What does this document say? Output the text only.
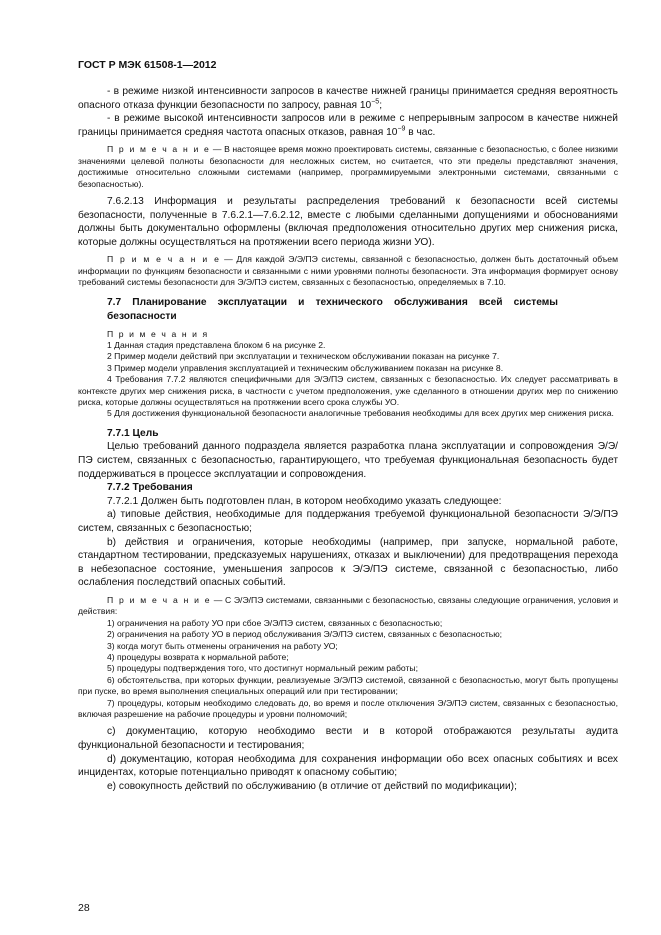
ГОСТ Р МЭК 61508-1—2012

- в режиме низкой интенсивности запросов в качестве нижней границы принимается средняя вероятность опасного отказа функции безопасности по запросу, равная $10^{-5}$;

- в режиме высокой интенсивности запросов или в режиме с непрерывным запросом в качестве нижней границы принимается средняя частота опасных отказов, равная $10^{-9}$ в час.

П р и м е ч а н и е — В настоящее время можно проектировать системы, связанные с безопасностью, с более низкими значениями целевой полноты безопасности для несложных систем, но считается, что эти пределы представляют значения, достижимые относительно сложными системами (например, программируемыми электронными системами, связанными с безопасностью).

7.6.2.13 Информация и результаты распределения требований к безопасности всей системы безопасности, полученные в 7.6.2.1—7.6.2.12, вместе с любыми сделанными допущениями и обоснованиями должны быть документально оформлены (включая предположения относительно других мер снижения риска, которые должны осуществляться на протяжении всего периода жизни УО).

П р и м е ч а н и е — Для каждой Э/Э/ПЭ системы, связанной с безопасностью, должен быть достаточный объем информации по функциям безопасности и связанными с ними уровнями полноты безопасности. Эта информация формирует основу требований системы безопасности для Э/Э/ПЭ систем, связанных с безопасностью, определяемых в 7.10.

7.7 Планирование эксплуатации и технического обслуживания всей системы безопасности

П р и м е ч а н и я

1 Данная стадия представлена блоком 6 на рисунке 2.

2 Пример модели действий при эксплуатации и техническом обслуживании показан на рисунке 7.

3 Пример модели управления эксплуатацией и техническим обслуживанием показан на рисунке 8.

4 Требования 7.7.2 являются специфичными для Э/Э/ПЭ систем, связанных с безопасностью. Их следует рассматривать в контексте других мер снижения риска, в частности с учетом предположения, уже сделанного в отношении других мер по снижению риска, которые должны осуществляться на протяжении всего срока службы УО.

5 Для достижения функциональной безопасности аналогичные требования необходимы для всех других мер снижения риска.

7.7.1 Цель

Целью требований данного подраздела является разработка плана эксплуатации и сопровождения Э/Э/ПЭ систем, связанных с безопасностью, гарантирующего, что требуемая функциональная безопасность будет поддерживаться в процессе эксплуатации и сопровождения.

7.7.2 Требования

7.7.2.1 Должен быть подготовлен план, в котором необходимо указать следующее:

а) типовые действия, необходимые для поддержания требуемой функциональной безопасности Э/Э/ПЭ систем, связанных с безопасностью;

b) действия и ограничения, которые необходимы (например, при запуске, нормальной работе, стандартном тестировании, предсказуемых нарушениях, отказах и выключении) для предотвращения перехода в небезопасное состояние, уменьшения запросов к Э/Э/ПЭ системе, связанной с безопасностью, либо ослабления последствий опасных событий.

П р и м е ч а н и е — С Э/Э/ПЭ системами, связанными с безопасностью, связаны следующие ограничения, условия и действия:

1) ограничения на работу УО при сбое Э/Э/ПЭ систем, связанных с безопасностью;

2) ограничения на работу УО в период обслуживания Э/Э/ПЭ систем, связанных с безопасностью;

3) когда могут быть отменены ограничения на работу УО;

4) процедуры возврата к нормальной работе;

5) процедуры подтверждения того, что достигнут нормальный режим работы;

6) обстоятельства, при которых функции, реализуемые Э/Э/ПЭ системой, связанной с безопасностью, могут быть пропущены при пуске, во время выполнения специальных операций или при тестировании;

7) процедуры, которым необходимо следовать до, во время и после отключения Э/Э/ПЭ систем, связанных с безопасностью, включая разрешение на рабочие процедуры и уровни полномочий;

с) документацию, которую необходимо вести и в которой отображаются результаты аудита функциональной безопасности и тестирования;

d) документацию, которая необходима для сохранения информации обо всех опасных событиях и всех инцидентах, которые потенциально приводят к опасному событию;

е) совокупность действий по обслуживанию (в отличие от действий по модификации);

28
